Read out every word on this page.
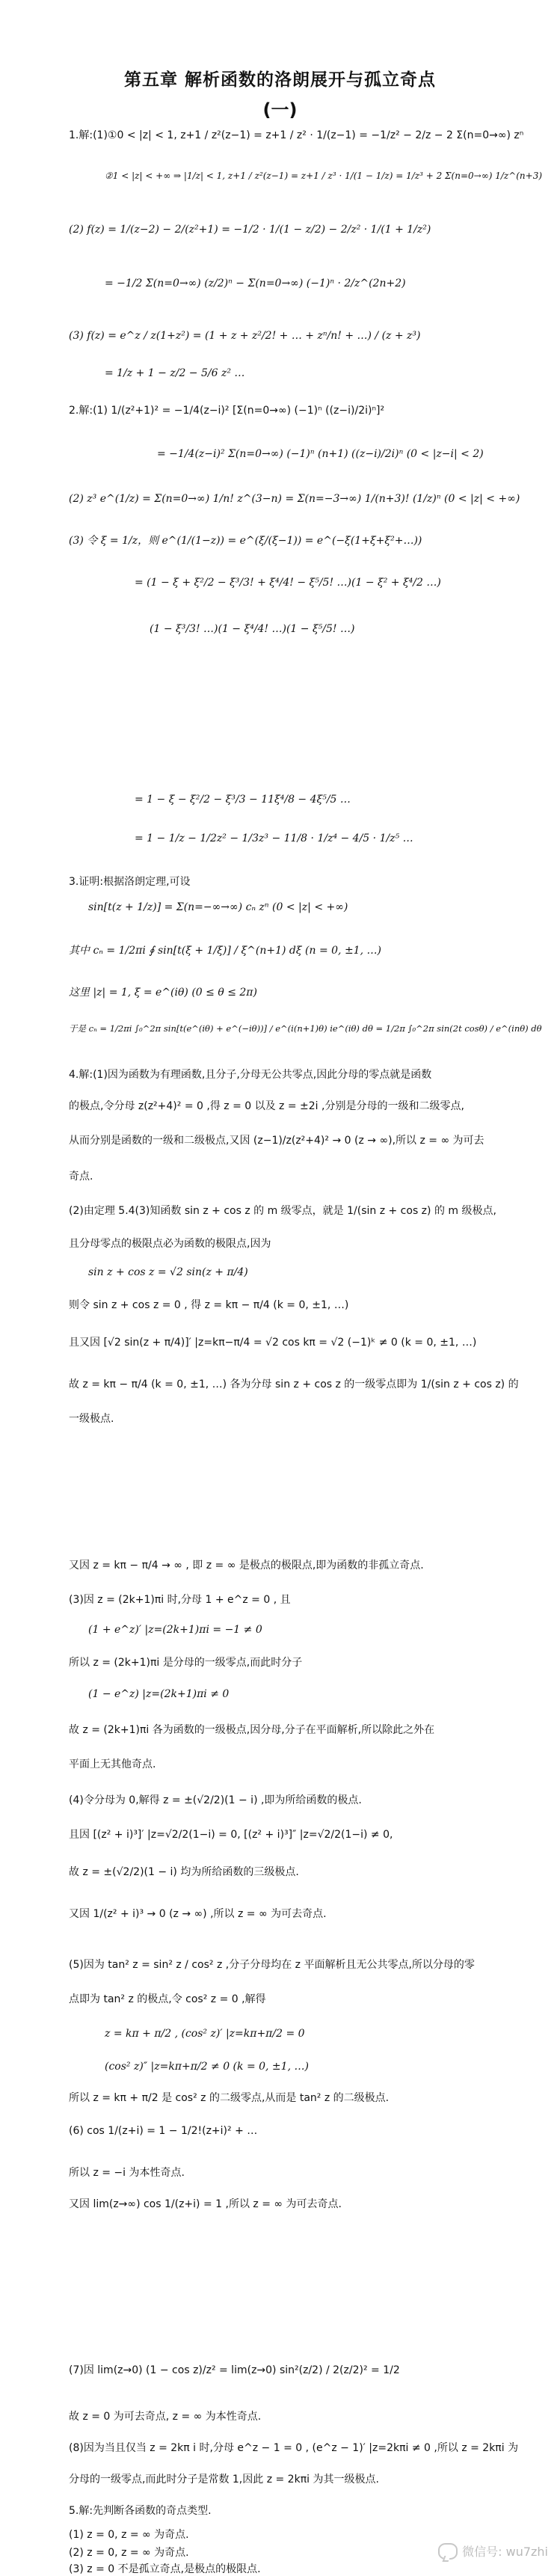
第五章 解析函数的洛朗展开与孤立奇点
(一)
1.解:(1)①0 < |z| < 1, z+1 / z²(z−1) = z+1 / z² · 1/(z−1) = −1/z² − 2/z − 2 Σ(n=0→∞) zⁿ
②1 < |z| < +∞ ⇒ |1/z| < 1, z+1 / z²(z−1) = z+1 / z³ · 1/(1 − 1/z) = 1/z³ + 2 Σ(n=0→∞) 1/z^(n+3)
(2) f(z) = 1/(z−2) − 2/(z²+1) = −1/2 · 1/(1 − z/2) − 2/z² · 1/(1 + 1/z²)
= −1/2 Σ(n=0→∞) (z/2)ⁿ − Σ(n=0→∞) (−1)ⁿ · 2/z^(2n+2)
(3) f(z) = e^z / z(1+z²) = (1 + z + z²/2! + … + zⁿ/n! + …) / (z + z³)
= 1/z + 1 − z/2 − 5/6 z² …
2.解:(1) 1/(z²+1)² = −1/4(z−i)² [Σ(n=0→∞) (−1)ⁿ ((z−i)/2i)ⁿ]²
= −1/4(z−i)² Σ(n=0→∞) (−1)ⁿ (n+1) ((z−i)/2i)ⁿ (0 < |z−i| < 2)
(2) z³ e^(1/z) = Σ(n=0→∞) 1/n! z^(3−n) = Σ(n=−3→∞) 1/(n+3)! (1/z)ⁿ (0 < |z| < +∞)
(3) 令 ξ = 1/z，则 e^(1/(1−z)) = e^(ξ/(ξ−1)) = e^(−ξ(1+ξ+ξ²+…))
= (1 − ξ + ξ²/2 − ξ³/3! + ξ⁴/4! − ξ⁵/5! …)(1 − ξ² + ξ⁴/2 …)
(1 − ξ³/3! …)(1 − ξ⁴/4! …)(1 − ξ⁵/5! …)
= 1 − ξ − ξ²/2 − ξ³/3 − 11ξ⁴/8 − 4ξ⁵/5 …
= 1 − 1/z − 1/2z² − 1/3z³ − 11/8 · 1/z⁴ − 4/5 · 1/z⁵ …
3.证明:根据洛朗定理,可设
sin[t(z + 1/z)] = Σ(n=−∞→∞) cₙ zⁿ (0 < |z| < +∞)
其中 cₙ = 1/2πi ∮ sin[t(ξ + 1/ξ)] / ξ^(n+1) dξ (n = 0, ±1, …)
这里 |z| = 1, ξ = e^(iθ) (0 ≤ θ ≤ 2π)
于是 cₙ = 1/2πi ∫₀^2π sin[t(e^(iθ) + e^(−iθ))] / e^(i(n+1)θ) ie^(iθ) dθ = 1/2π ∫₀^2π sin(2t cosθ) / e^(inθ) dθ
4.解:(1)因为函数为有理函数,且分子,分母无公共零点,因此分母的零点就是函数
的极点,令分母 z(z²+4)² = 0 ,得 z = 0 以及 z = ±2i ,分别是分母的一级和二级零点,
从而分别是函数的一级和二级极点,又因 (z−1)/z(z²+4)² → 0 (z → ∞),所以 z = ∞ 为可去
奇点.
(2)由定理 5.4(3)知函数 sin z + cos z 的 m 级零点，就是 1/(sin z + cos z) 的 m 级极点,
且分母零点的极限点必为函数的极限点,因为
sin z + cos z = √2 sin(z + π/4)
则令 sin z + cos z = 0 , 得 z = kπ − π/4 (k = 0, ±1, …)
且又因 [√2 sin(z + π/4)]′ |z=kπ−π/4 = √2 cos kπ = √2 (−1)ᵏ ≠ 0 (k = 0, ±1, …)
故 z = kπ − π/4 (k = 0, ±1, …) 各为分母 sin z + cos z 的一级零点即为 1/(sin z + cos z) 的
一级极点.
又因 z = kπ − π/4 → ∞ , 即 z = ∞ 是极点的极限点,即为函数的非孤立奇点.
(3)因 z = (2k+1)πi 时,分母 1 + e^z = 0 , 且
(1 + e^z)′ |z=(2k+1)πi = −1 ≠ 0
所以 z = (2k+1)πi 是分母的一级零点,而此时分子
(1 − e^z) |z=(2k+1)πi ≠ 0
故 z = (2k+1)πi 各为函数的一级极点,因分母,分子在平面解析,所以除此之外在
平面上无其他奇点.
(4)令分母为 0,解得 z = ±(√2/2)(1 − i) ,即为所给函数的极点.
且因 [(z² + i)³]′ |z=√2/2(1−i) = 0, [(z² + i)³]″ |z=√2/2(1−i) ≠ 0,
故 z = ±(√2/2)(1 − i) 均为所给函数的三级极点.
又因 1/(z² + i)³ → 0 (z → ∞) ,所以 z = ∞ 为可去奇点.
(5)因为 tan² z = sin² z / cos² z ,分子分母均在 z 平面解析且无公共零点,所以分母的零
点即为 tan² z 的极点,令 cos² z = 0 ,解得
z = kπ + π/2 , (cos² z)′ |z=kπ+π/2 = 0
(cos² z)″ |z=kπ+π/2 ≠ 0 (k = 0, ±1, …)
所以 z = kπ + π/2 是 cos² z 的二级零点,从而是 tan² z 的二级极点.
(6) cos 1/(z+i) = 1 − 1/2!(z+i)² + …
所以 z = −i 为本性奇点.
又因 lim(z→∞) cos 1/(z+i) = 1 ,所以 z = ∞ 为可去奇点.
(7)因 lim(z→0) (1 − cos z)/z² = lim(z→0) sin²(z/2) / 2(z/2)² = 1/2
故 z = 0 为可去奇点, z = ∞ 为本性奇点.
(8)因为当且仅当 z = 2kπ i 时,分母 e^z − 1 = 0 , (e^z − 1)′ |z=2kπi ≠ 0 ,所以 z = 2kπi 为
分母的一级零点,而此时分子是常数 1,因此 z = 2kπi 为其一级极点.
5.解:先判断各函数的奇点类型.
(1) z = 0, z = ∞ 为奇点.
(2) z = 0, z = ∞ 为奇点.
(3) z = 0 不是孤立奇点,是极点的极限点.
微信号: wu7zhi
